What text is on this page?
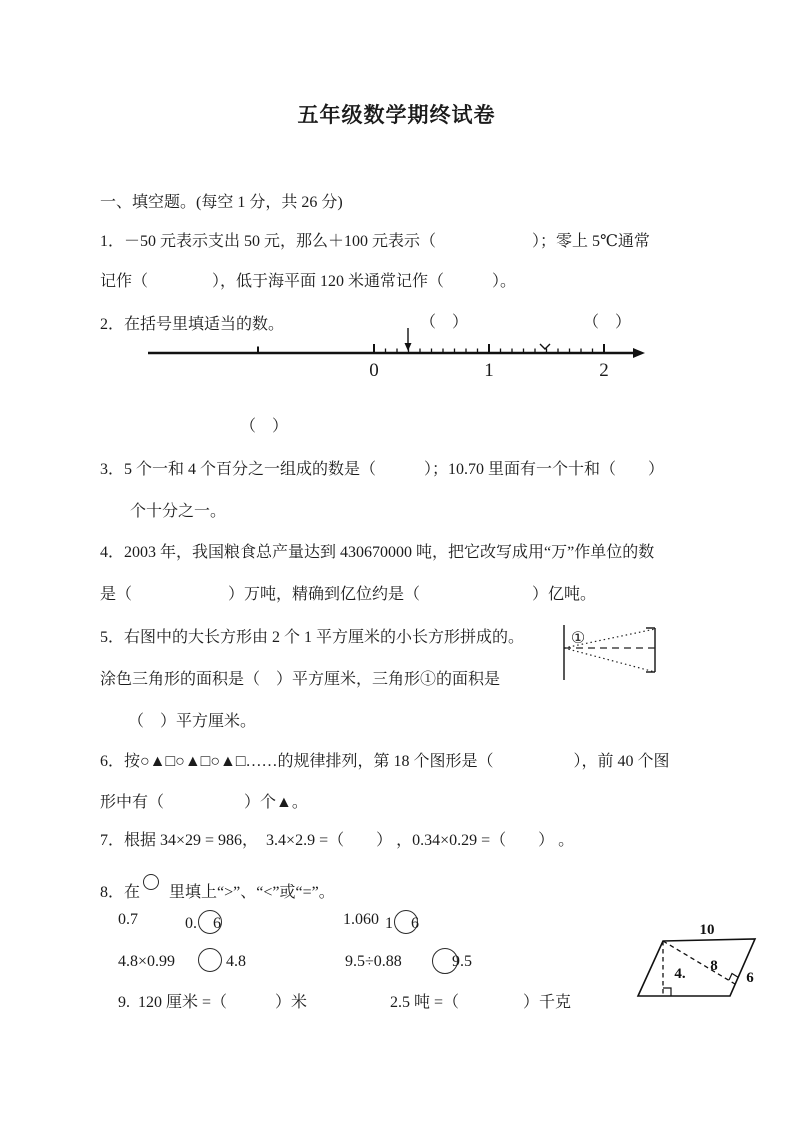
五年级数学期终试卷
一、填空题。(每空 1 分，共 26 分)
1．－50 元表示支出 50 元，那么＋100 元表示（　　　　　　）；零上 5℃通常
记作（　　　　），低于海平面 120 米通常记作（　　　）。
2．在括号里填适当的数。	（　）	（　）
（　）
0	1	2
3．5 个一和 4 个百分之一组成的数是（　　　）；10.70 里面有一个十和（　　）
个十分之一。
4．2003 年，我国粮食总产量达到 430670000 吨，把它改写成用“万”作单位的数
是（　　　　　　）万吨，精确到亿位约是（　　　　　　　）亿吨。
5．右图中的大长方形由 2 个 1 平方厘米的小长方形拼成的。
涂色三角形的面积是（　）平方厘米，三角形①的面积是
（　）平方厘米。
①
6．按○▲□○▲□○▲□……的规律排列，第 18 个图形是（　　　　　），前 40 个图
形中有（　　　　　）个▲。
7．根据 34×29 = 986，  3.4×2.9 =（　　） ，0.34×0.29 =（　　） 。
8．在 里填上“>”、“<”或“=”。
0.7	0. 6	1.060 1 6
4.8×0.99	4.8	9.5÷0.88	9.5
9.  120 厘米 =（　　　）米	2.5 吨 =（　　　　）千克
10
8
6
4.
